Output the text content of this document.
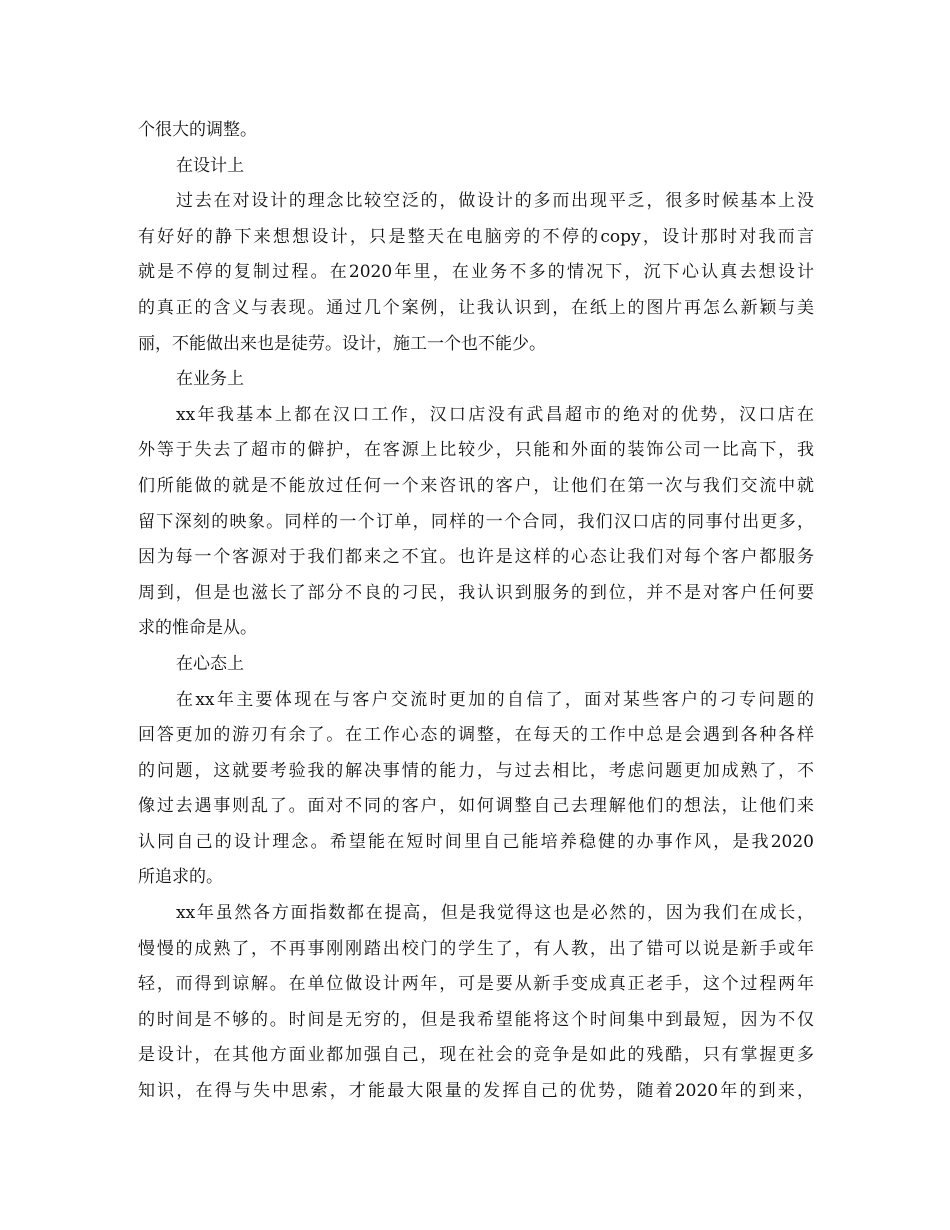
个很大的调整。
在设计上
过去在对设计的理念比较空泛的，做设计的多而出现平乏，很多时候基本上没
有好好的静下来想想设计，只是整天在电脑旁的不停的copy，设计那时对我而言
就是不停的复制过程。在2020年里，在业务不多的情况下，沉下心认真去想设计
的真正的含义与表现。通过几个案例，让我认识到，在纸上的图片再怎么新颖与美
丽，不能做出来也是徒劳。设计，施工一个也不能少。
在业务上
xx年我基本上都在汉口工作，汉口店没有武昌超市的绝对的优势，汉口店在
外等于失去了超市的僻护，在客源上比较少，只能和外面的装饰公司一比高下，我
们所能做的就是不能放过任何一个来咨讯的客户，让他们在第一次与我们交流中就
留下深刻的映象。同样的一个订单，同样的一个合同，我们汉口店的同事付出更多，
因为每一个客源对于我们都来之不宜。也许是这样的心态让我们对每个客户都服务
周到，但是也滋长了部分不良的刁民，我认识到服务的到位，并不是对客户任何要
求的惟命是从。
在心态上
在xx年主要体现在与客户交流时更加的自信了，面对某些客户的刁专问题的
回答更加的游刃有余了。在工作心态的调整，在每天的工作中总是会遇到各种各样
的问题，这就要考验我的解决事情的能力，与过去相比，考虑问题更加成熟了，不
像过去遇事则乱了。面对不同的客户，如何调整自己去理解他们的想法，让他们来
认同自己的设计理念。希望能在短时间里自己能培养稳健的办事作风，是我2020
所追求的。
xx年虽然各方面指数都在提高，但是我觉得这也是必然的，因为我们在成长，
慢慢的成熟了，不再事刚刚踏出校门的学生了，有人教，出了错可以说是新手或年
轻，而得到谅解。在单位做设计两年，可是要从新手变成真正老手，这个过程两年
的时间是不够的。时间是无穷的，但是我希望能将这个时间集中到最短，因为不仅
是设计，在其他方面业都加强自己，现在社会的竞争是如此的残酷，只有掌握更多
知识，在得与失中思索，才能最大限量的发挥自己的优势，随着2020年的到来，
